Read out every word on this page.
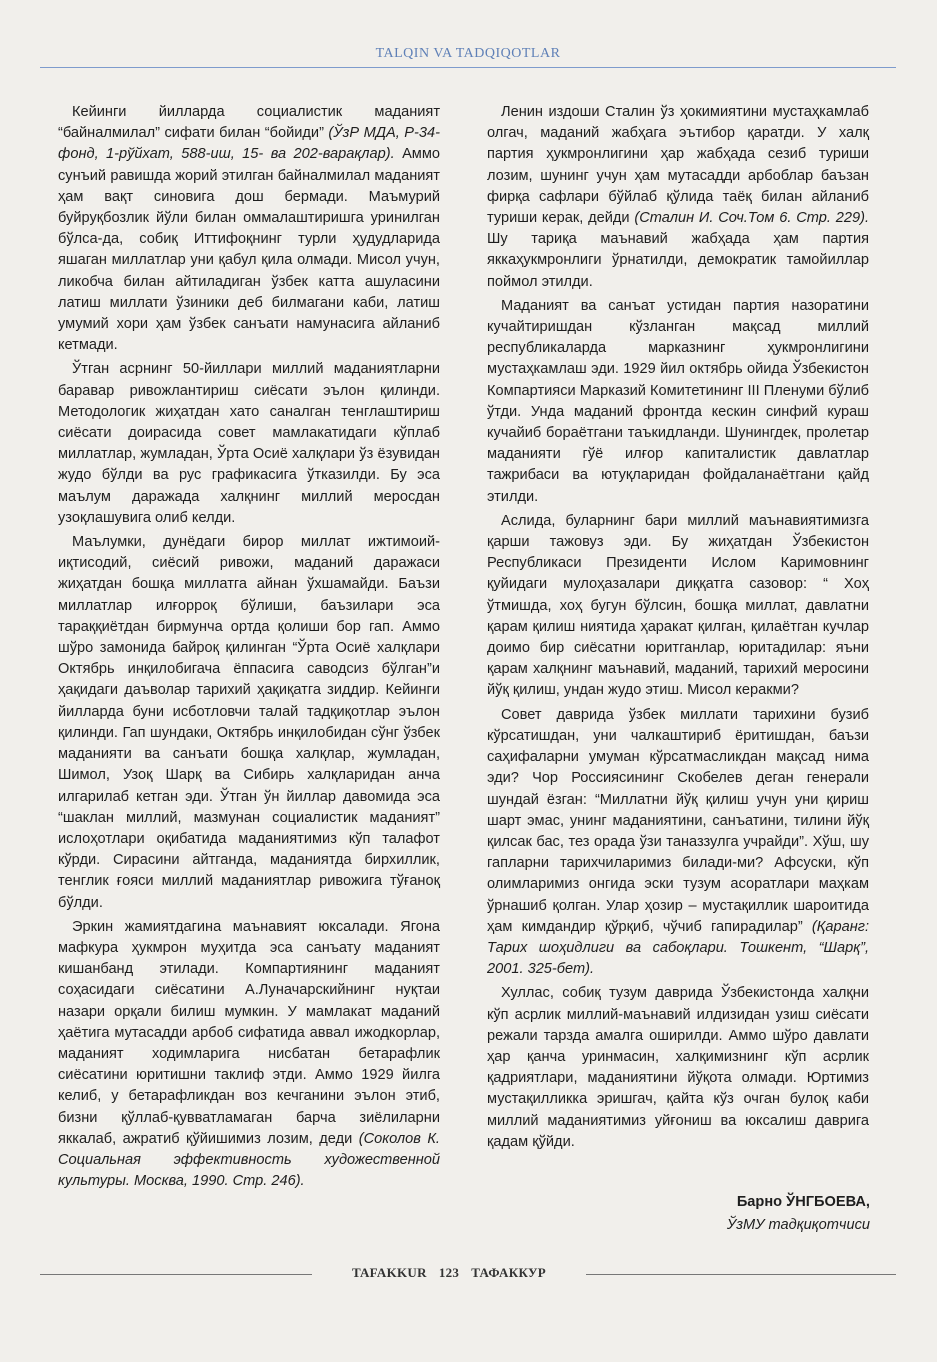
TALQIN VA TADQIQOTLAR

Кейинги йилларда социалистик маданият “байналмилал” сифати билан “бойиди” (ЎзР МДА, Р-34-фонд, 1-рўйхат, 588-иш, 15- ва 202-варақлар). Аммо сунъий равишда жорий этилган байналмилал маданият ҳам вақт синовига дош бермади. Маъмурий буйруқбозлик йўли билан оммалаштиришга уринилган бўлса-да, собиқ Иттифоқнинг турли ҳудудларида яшаган миллатлар уни қабул қила олмади. Мисол учун, ликобча билан айтиладиган ўзбек катта ашуласини латиш миллати ўзиники деб билмагани каби, латиш умумий хори ҳам ўзбек санъати намунасига айланиб кетмади.

Ўтган асрнинг 50-йиллари миллий маданиятларни баравар ривожлантириш сиёсати эълон қилинди. Методологик жиҳатдан хато саналган тенглаштириш сиёсати доирасида совет мамлакатидаги кўплаб миллатлар, жумладан, Ўрта Осиё халқлари ўз ёзувидан жудо бўлди ва рус графикасига ўтказилди. Бу эса маълум даражада халқнинг миллий меросдан узоқлашувига олиб келди.

Маълумки, дунёдаги бирор миллат ижтимоий-иқтисодий, сиёсий ривожи, маданий даражаси жиҳатдан бошқа миллатга айнан ўхшамайди. Баъзи миллатлар илғорроқ бўлиши, баъзилари эса тараққиётдан бирмунча ортда қолиши бор гап. Аммо шўро замонида байроқ қилинган “Ўрта Осиё халқлари Октябрь инқилобигача ёппасига саводсиз бўлган”и ҳақидаги даъволар тарихий ҳақиқатга зиддир. Кейинги йилларда буни исботловчи талай тадқиқотлар эълон қилинди. Гап шундаки, Октябрь инқилобидан сўнг ўзбек маданияти ва санъати бошқа халқлар, жумладан, Шимол, Узоқ Шарқ ва Сибирь халқларидан анча илгарилаб кетган эди. Ўтган ўн йиллар давомида эса “шаклан миллий, мазмунан социалистик маданият” ислоҳотлари оқибатида маданиятимиз кўп талафот кўрди. Сирасини айтганда, маданиятда бирхиллик, тенглик ғояси миллий маданиятлар ривожига тўғаноқ бўлди.

Эркин жамиятдагина маънавият юксалади. Ягона мафкура ҳукмрон муҳитда эса санъату маданият кишанбанд этилади. Компартиянинг маданият соҳасидаги сиёсатини А.Луначарскийнинг нуқтаи назари орқали билиш мумкин. У мамлакат маданий ҳаётига мутасадди арбоб сифатида аввал ижодкорлар, маданият ходимларига нисбатан бетарафлик сиёсатини юритишни таклиф этди. Аммо 1929 йилга келиб, у бетарафликдан воз кечганини эълон этиб, бизни қўллаб-қувватламаган барча зиёлиларни яккалаб, ажратиб қўйишимиз лозим, деди (Соколов К. Социальная эффективность художественной культуры. Москва, 1990. Стр. 246).

Ленин издоши Сталин ўз ҳокимиятини мустаҳкамлаб олгач, маданий жабҳага эътибор қаратди. У халқ партия ҳукмронлигини ҳар жабҳада сезиб туриши лозим, шунинг учун ҳам мутасадди арбоблар баъзан фирқа сафлари бўйлаб қўлида таёқ билан айланиб туриши керак, дейди (Сталин И. Соч.Том 6. Стр. 229). Шу тариқа маънавий жабҳада ҳам партия яккаҳукмронлиги ўрнатилди, демократик тамойиллар поймол этилди.

Маданият ва санъат устидан партия назоратини кучайтиришдан кўзланган мақсад миллий республикаларда марказнинг ҳукмронлигини мустаҳкамлаш эди. 1929 йил октябрь ойида Ўзбекистон Компартияси Марказий Комитетининг III Пленуми бўлиб ўтди. Унда маданий фронтда кескин синфий кураш кучайиб бораётгани таъкидланди. Шунингдек, пролетар маданияти гўё илғор капиталистик давлатлар тажрибаси ва ютуқларидан фойдаланаётгани қайд этилди.

Аслида, буларнинг бари миллий маънавиятимизга қарши тажовуз эди. Бу жиҳатдан Ўзбекистон Республикаси Президенти Ислом Каримовнинг қуйидаги мулоҳазалари диққатга сазовор: “ Хоҳ ўтмишда, хоҳ бугун бўлсин, бошқа миллат, давлатни қарам қилиш ниятида ҳаракат қилган, қилаётган кучлар доимо бир сиёсатни юритганлар, юритадилар: яъни қарам халқнинг маънавий, маданий, тарихий меросини йўқ қилиш, ундан жудо этиш. Мисол керакми?

Совет даврида ўзбек миллати тарихини бузиб кўрсатишдан, уни чалкаштириб ёритишдан, баъзи саҳифаларни умуман кўрсатмасликдан мақсад нима эди? Чор Россиясининг Скобелев деган генерали шундай ёзган: “Миллатни йўқ қилиш учун уни қириш шарт эмас, унинг маданиятини, санъатини, тилини йўқ қилсак бас, тез орада ўзи таназзулга учрайди”. Хўш, шу гапларни тарихчиларимиз билади-ми? Афсуски, кўп олимларимиз онгида эски тузум асоратлари маҳкам ўрнашиб қолган. Улар ҳозир – мустақиллик шароитида ҳам кимдандир қўрқиб, чўчиб гапирадилар” (Қаранг: Тарих шоҳидлиги ва сабоқлари. Тошкент, “Шарқ”, 2001. 325-бет).

Хуллас, собиқ тузум даврида Ўзбекистонда халқни кўп асрлик миллий-маънавий илдизидан узиш сиёсати режали тарзда амалга оширилди. Аммо шўро давлати ҳар қанча уринмасин, халқимизнинг кўп асрлик қадриятлари, маданиятини йўқота олмади. Юртимиз мустақилликка эришгач, қайта кўз очган булоқ каби миллий маданиятимиз уйғониш ва юксалиш даврига қадам қўйди.

Барно ЎНГБОЕВА,
ЎзМУ тадқиқотчиси
TAFAKKUR 123 ТАФАККУР
